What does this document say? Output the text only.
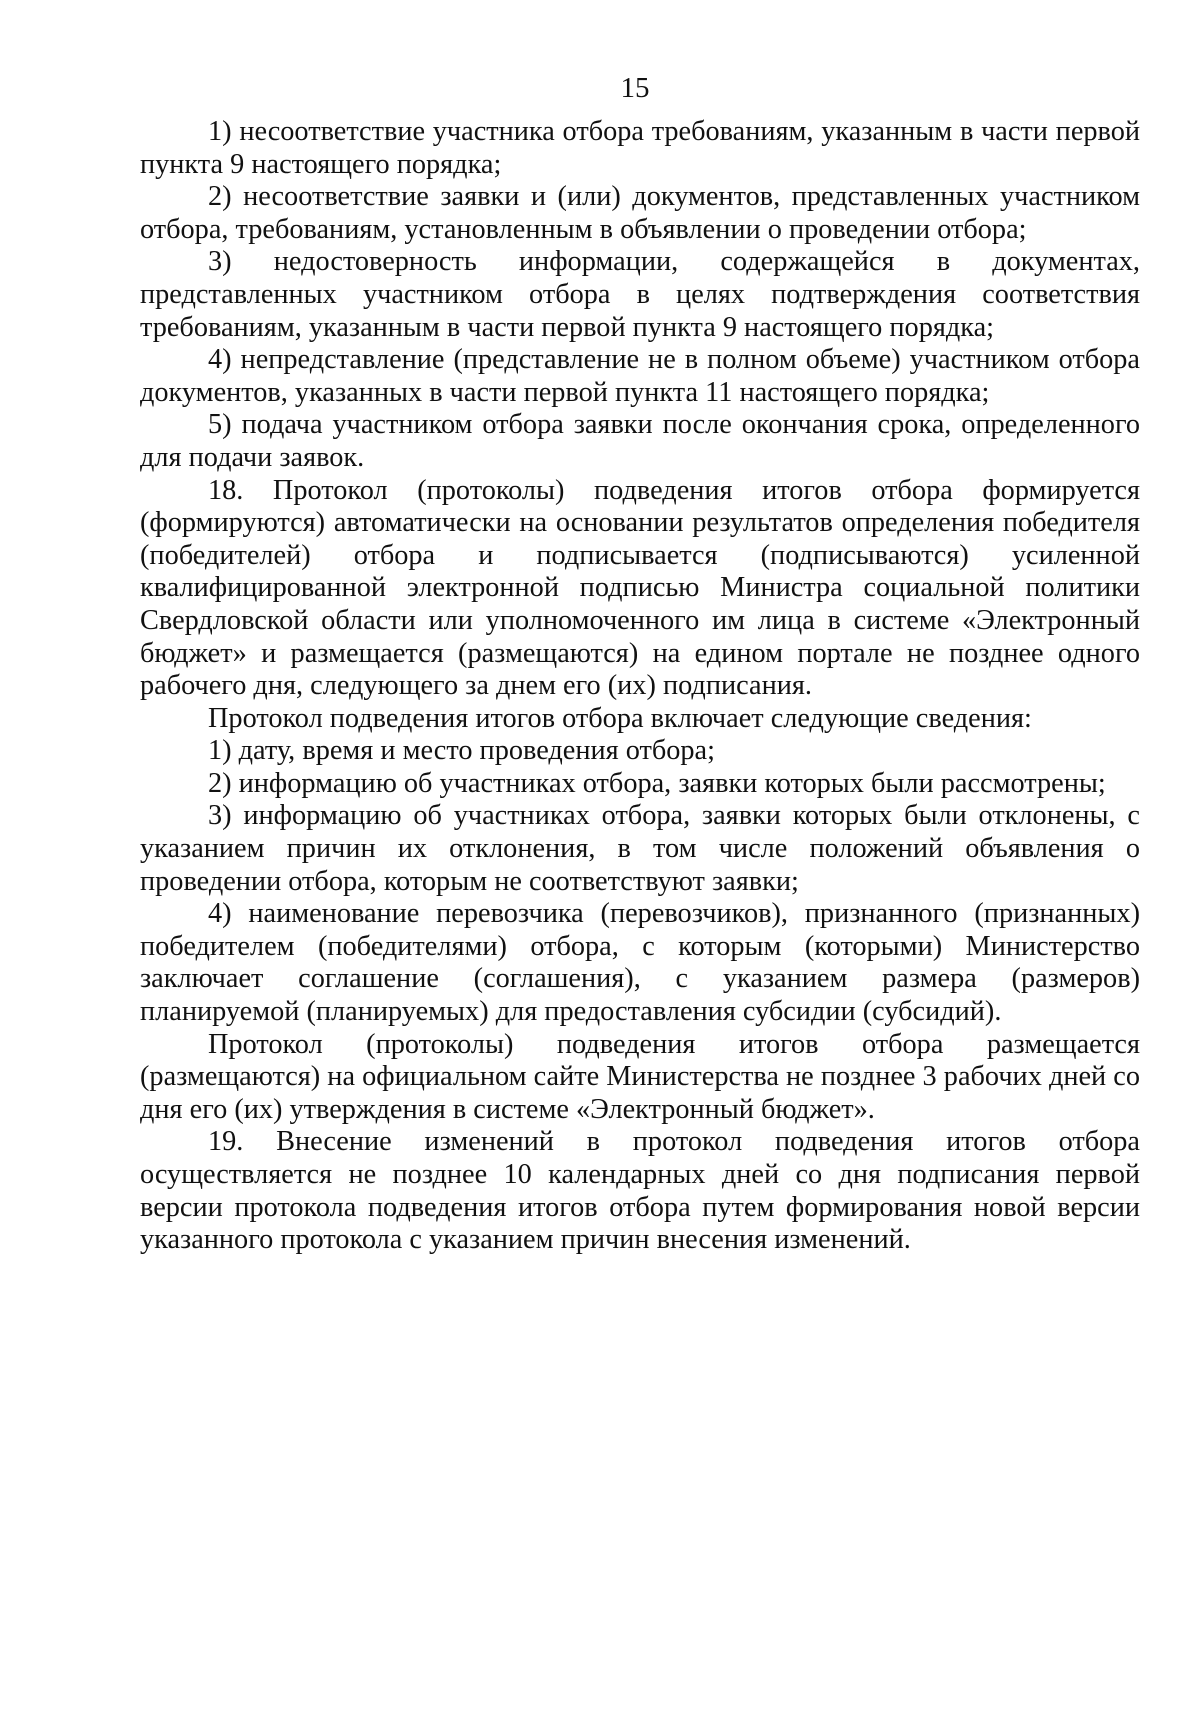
15

1) несоответствие участника отбора требованиям, указанным в части первой пункта 9 настоящего порядка;

2) несоответствие заявки и (или) документов, представленных участником отбора, требованиям, установленным в объявлении о проведении отбора;

3) недостоверность информации, содержащейся в документах, представленных участником отбора в целях подтверждения соответствия требованиям, указанным в части первой пункта 9 настоящего порядка;

4) непредставление (представление не в полном объеме) участником отбора документов, указанных в части первой пункта 11 настоящего порядка;

5) подача участником отбора заявки после окончания срока, определенного для подачи заявок.

18. Протокол (протоколы) подведения итогов отбора формируется (формируются) автоматически на основании результатов определения победителя (победителей) отбора и подписывается (подписываются) усиленной квалифицированной электронной подписью Министра социальной политики Свердловской области или уполномоченного им лица в системе «Электронный бюджет» и размещается (размещаются) на едином портале не позднее одного рабочего дня, следующего за днем его (их) подписания.

Протокол подведения итогов отбора включает следующие сведения:

1) дату, время и место проведения отбора;

2) информацию об участниках отбора, заявки которых были рассмотрены;

3) информацию об участниках отбора, заявки которых были отклонены, с указанием причин их отклонения, в том числе положений объявления о проведении отбора, которым не соответствуют заявки;

4) наименование перевозчика (перевозчиков), признанного (признанных) победителем (победителями) отбора, с которым (которыми) Министерство заключает соглашение (соглашения), с указанием размера (размеров) планируемой (планируемых) для предоставления субсидии (субсидий).

Протокол (протоколы) подведения итогов отбора размещается (размещаются) на официальном сайте Министерства не позднее 3 рабочих дней со дня его (их) утверждения в системе «Электронный бюджет».

19. Внесение изменений в протокол подведения итогов отбора осуществляется не позднее 10 календарных дней со дня подписания первой версии протокола подведения итогов отбора путем формирования новой версии указанного протокола с указанием причин внесения изменений.
